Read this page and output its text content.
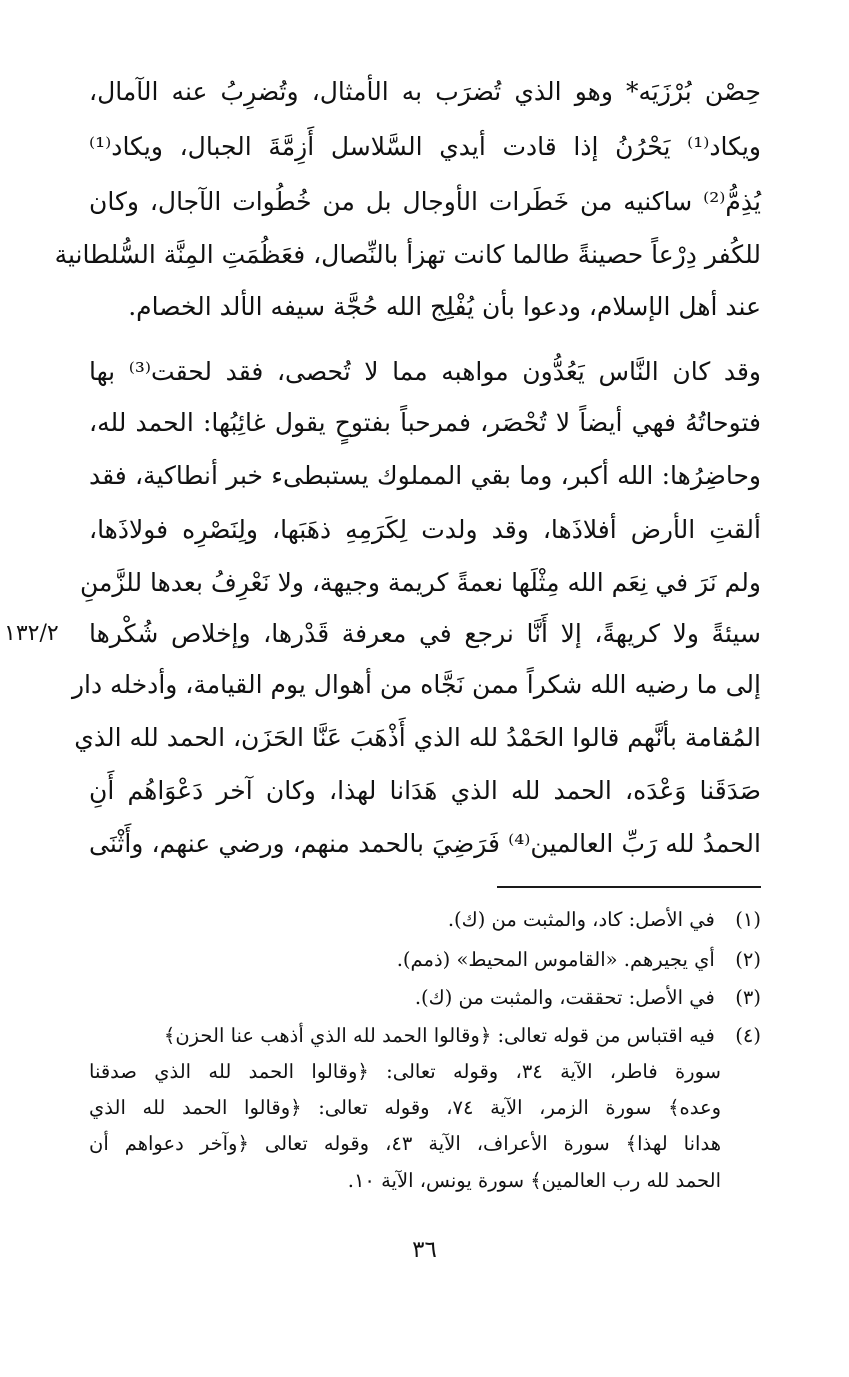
حِصْن بُرْزَيَه* وهو الذي تُضرَب به الأمثال، وتُضرِبُ عنه الآمال،
ويكاد⁽¹⁾ يَحْرُنُ إذا قادت أيدي السَّلاسل أَزِمَّةَ الجبال، ويكاد⁽¹⁾
يُذِمُّ⁽²⁾ ساكنيه من خَطَرات الأوجال بل من خُطُوات الآجال، وكان
للكُفر دِرْعاً حصينةً طالما كانت تهزأ بالنِّصال، فعَظُمَتِ المِنَّة السُّلطانية
عند أهل الإسلام، ودعوا بأن يُفْلِج الله حُجَّة سيفه الألد الخصام.
وقد كان النَّاس يَعُدُّون مواهبه مما لا تُحصى، فقد لحقت⁽³⁾ بها
فتوحاتُهُ فهي أيضاً لا تُحْصَر، فمرحباً بفتوحٍ يقول غائِبُها: الحمد لله،
وحاضِرُها: الله أكبر، وما بقي المملوك يستبطىء خبر أنطاكية، فقد
ألقتِ الأرض أفلاذَها، وقد ولدت لِكَرَمِهِ ذهَبَها، ولِنَصْرِه فولاذَها،
ولم نَرَ في نِعَم الله مِثْلَها نعمةً كريمة وجيهة، ولا نَعْرِفُ بعدها للزَّمنِ
سيئةً ولا كريهةً، إلا أَنَّا نرجع في معرفة قَدْرها، وإخلاص شُكْرها
إلى ما رضيه الله شكراً ممن نَجَّاه من أهوال يوم القيامة، وأدخله دار
المُقامة بأنَّهم قالوا الحَمْدُ لله الذي أَذْهَبَ عَنَّا الحَزَن، الحمد لله الذي
صَدَقَنا وَعْدَه، الحمد لله الذي هَدَانا لهذا، وكان آخر دَعْوَاهُم أَنِ
الحمدُ لله رَبِّ العالمين⁽⁴⁾ فَرَضِيَ بالحمد منهم، ورضي عنهم، وأَثْنَى
١٣٢/٢
(١) في الأصل: كاد، والمثبت من (ك).
(٢) أي يجيرهم. «القاموس المحيط» (ذمم).
(٣) في الأصل: تحققت، والمثبت من (ك).
(٤) فيه اقتباس من قوله تعالى: ﴿وقالوا الحمد لله الذي أذهب عنا الحزن﴾
سورة فاطر، الآية ٣٤، وقوله تعالى: ﴿وقالوا الحمد لله الذي صدقنا
وعده﴾ سورة الزمر، الآية ٧٤، وقوله تعالى: ﴿وقالوا الحمد لله الذي
هدانا لهذا﴾ سورة الأعراف، الآية ٤٣، وقوله تعالى ﴿وآخر دعواهم أن
الحمد لله رب العالمين﴾ سورة يونس، الآية ١٠.
٣٦
